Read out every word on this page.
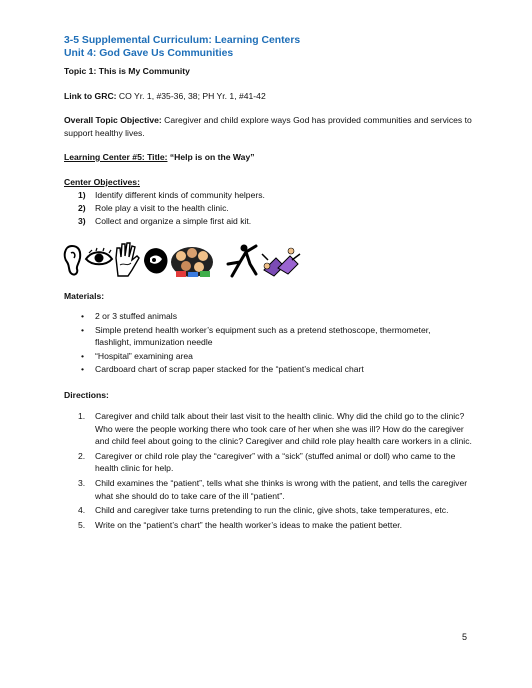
3-5 Supplemental Curriculum: Learning Centers
Unit 4: God Gave Us Communities

Topic 1: This is My Community

Link to GRC: CO Yr. 1, #35-36, 38; PH Yr. 1, #41-42

Overall Topic Objective: Caregiver and child explore ways God has provided communities and services to support healthy lives.

Learning Center #5: Title: “Help is on the Way”

Center Objectives:

1) Identify different kinds of community helpers.
2) Role play a visit to the health clinic.
3) Collect and organize a simple first aid kit.

Materials:

• 2 or 3 stuffed animals
• Simple pretend health worker’s equipment such as a pretend stethoscope, thermometer, flashlight, immunization needle
• “Hospital” examining area
• Cardboard chart of scrap paper stacked for the “patient’s medical chart

Directions:

1. Caregiver and child talk about their last visit to the health clinic. Why did the child go to the clinic? Who were the people working there who took care of her when she was ill? How do the caregiver and child feel about going to the clinic? Caregiver and child role play health care workers in a clinic.
2. Caregiver or child role play the “caregiver” with a “sick” (stuffed animal or doll) who came to the health clinic for help.
3. Child examines the “patient”, tells what she thinks is wrong with the patient, and tells the caregiver what she should do to take care of the ill “patient”.
4. Child and caregiver take turns pretending to run the clinic, give shots, take temperatures, etc.
5. Write on the “patient’s chart” the health worker’s ideas to make the patient better.
5
